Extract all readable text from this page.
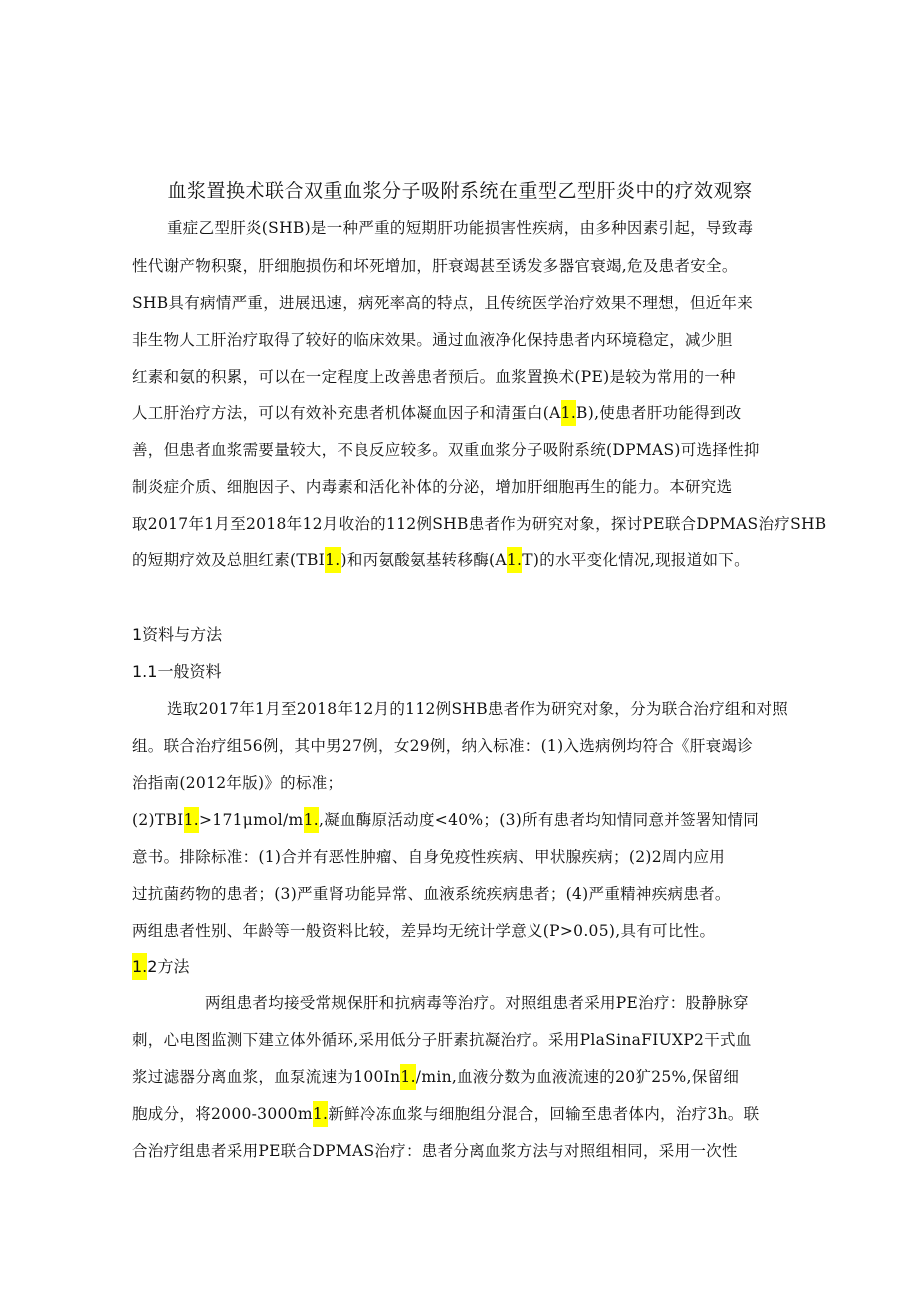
血浆置换术联合双重血浆分子吸附系统在重型乙型肝炎中的疗效观察
重症乙型肝炎(SHB)是一种严重的短期肝功能损害性疾病，由多种因素引起，导致毒
性代谢产物积聚，肝细胞损伤和坏死增加，肝衰竭甚至诱发多器官衰竭,危及患者安全。
SHB具有病情严重，进展迅速，病死率高的特点，且传统医学治疗效果不理想，但近年来
非生物人工肝治疗取得了较好的临床效果。通过血液净化保持患者内环境稳定，减少胆
红素和氨的积累，可以在一定程度上改善患者预后。血浆置换术(PE)是较为常用的一种
人工肝治疗方法，可以有效补充患者机体凝血因子和清蛋白(A1.B),使患者肝功能得到改
善，但患者血浆需要量较大，不良反应较多。双重血浆分子吸附系统(DPMAS)可选择性抑
制炎症介质、细胞因子、内毒素和活化补体的分泌，增加肝细胞再生的能力。本研究选
取2017年1月至2018年12月收治的112例SHB患者作为研究对象，探讨PE联合DPMAS治疗SHB
的短期疗效及总胆红素(TBI1.)和丙氨酸氨基转移酶(A1.T)的水平变化情况,现报道如下。
1资料与方法
1.1一般资料
选取2017年1月至2018年12月的112例SHB患者作为研究对象，分为联合治疗组和对照
组。联合治疗组56例，其中男27例，女29例，纳入标准：(1)入选病例均符合《肝衰竭诊
治指南(2012年版)》的标准；
(2)TBI1.>171μmol/m1.,凝血酶原活动度<40%；(3)所有患者均知情同意并签署知情同
意书。排除标准：(1)合并有恶性肿瘤、自身免疫性疾病、甲状腺疾病；(2)2周内应用
过抗菌药物的患者；(3)严重肾功能异常、血液系统疾病患者；(4)严重精神疾病患者。
两组患者性别、年龄等一般资料比较，差异均无统计学意义(P>0.05),具有可比性。
1.2方法
两组患者均接受常规保肝和抗病毒等治疗。对照组患者采用PE治疗：股静脉穿
刺，心电图监测下建立体外循环,采用低分子肝素抗凝治疗。采用PlaSinaFIUXP2干式血
浆过滤器分离血浆，血泵流速为100In1./min,血液分数为血液流速的20犷25%,保留细
胞成分，将2000-3000m1.新鲜冷冻血浆与细胞组分混合，回输至患者体内，治疗3h。联
合治疗组患者采用PE联合DPMAS治疗：患者分离血浆方法与对照组相同，采用一次性
